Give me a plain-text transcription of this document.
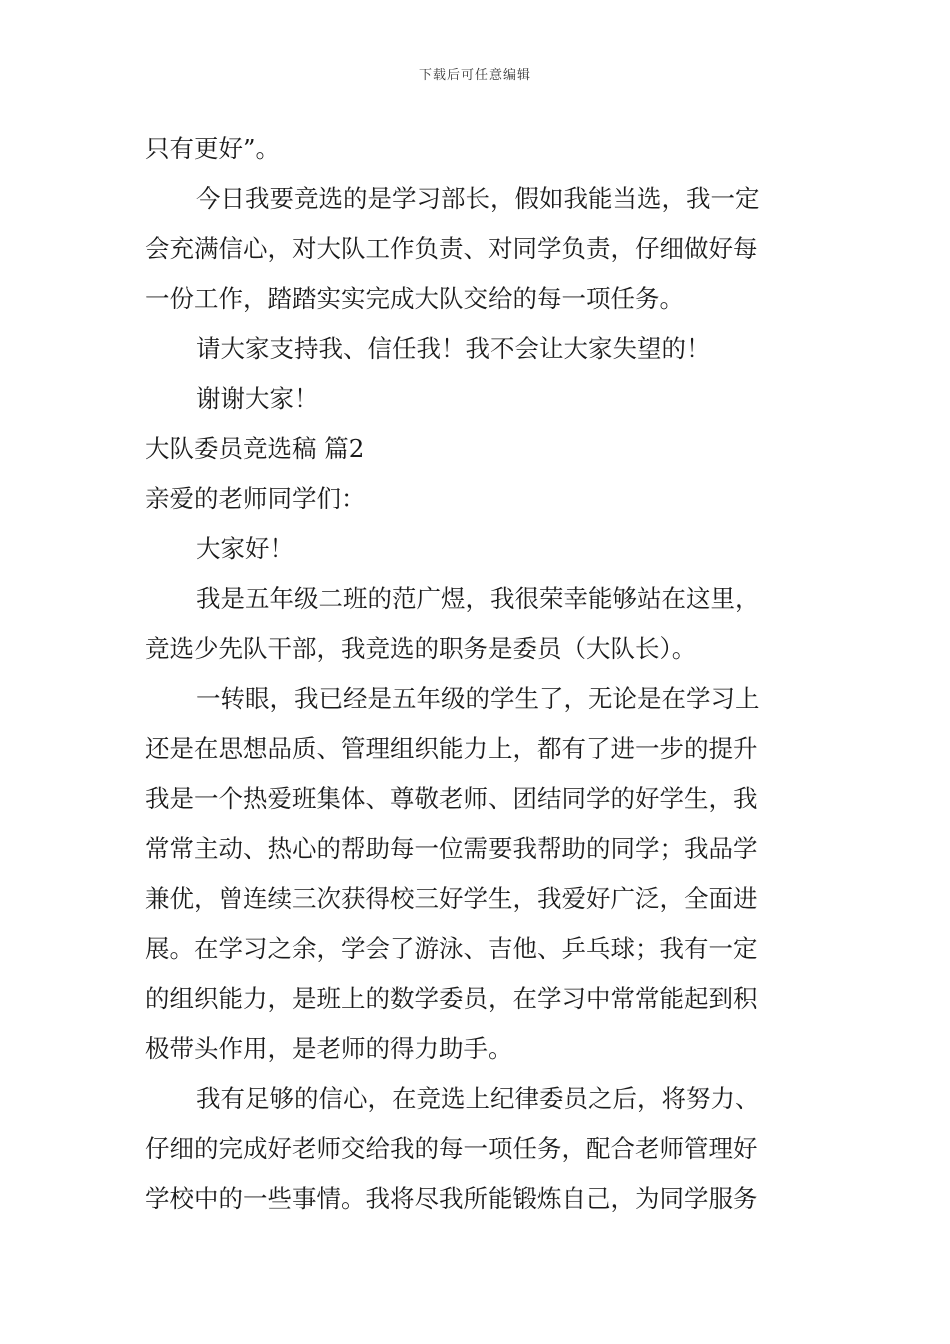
下载后可任意编辑
只有更好”。
今日我要竞选的是学习部长，假如我能当选，我一定
会充满信心，对大队工作负责、对同学负责，仔细做好每
一份工作，踏踏实实完成大队交给的每一项任务。
请大家支持我、信任我！我不会让大家失望的！
谢谢大家！
大队委员竞选稿 篇2
亲爱的老师同学们：
大家好！
我是五年级二班的范广煜，我很荣幸能够站在这里，
竞选少先队干部，我竞选的职务是委员（大队长）。
一转眼，我已经是五年级的学生了，无论是在学习上
还是在思想品质、管理组织能力上，都有了进一步的提升
我是一个热爱班集体、尊敬老师、团结同学的好学生，我
常常主动、热心的帮助每一位需要我帮助的同学；我品学
兼优，曾连续三次获得校三好学生，我爱好广泛，全面进
展。在学习之余，学会了游泳、吉他、乒乓球；我有一定
的组织能力，是班上的数学委员，在学习中常常能起到积
极带头作用，是老师的得力助手。
我有足够的信心，在竞选上纪律委员之后，将努力、
仔细的完成好老师交给我的每一项任务，配合老师管理好
学校中的一些事情。我将尽我所能锻炼自己，为同学服务
